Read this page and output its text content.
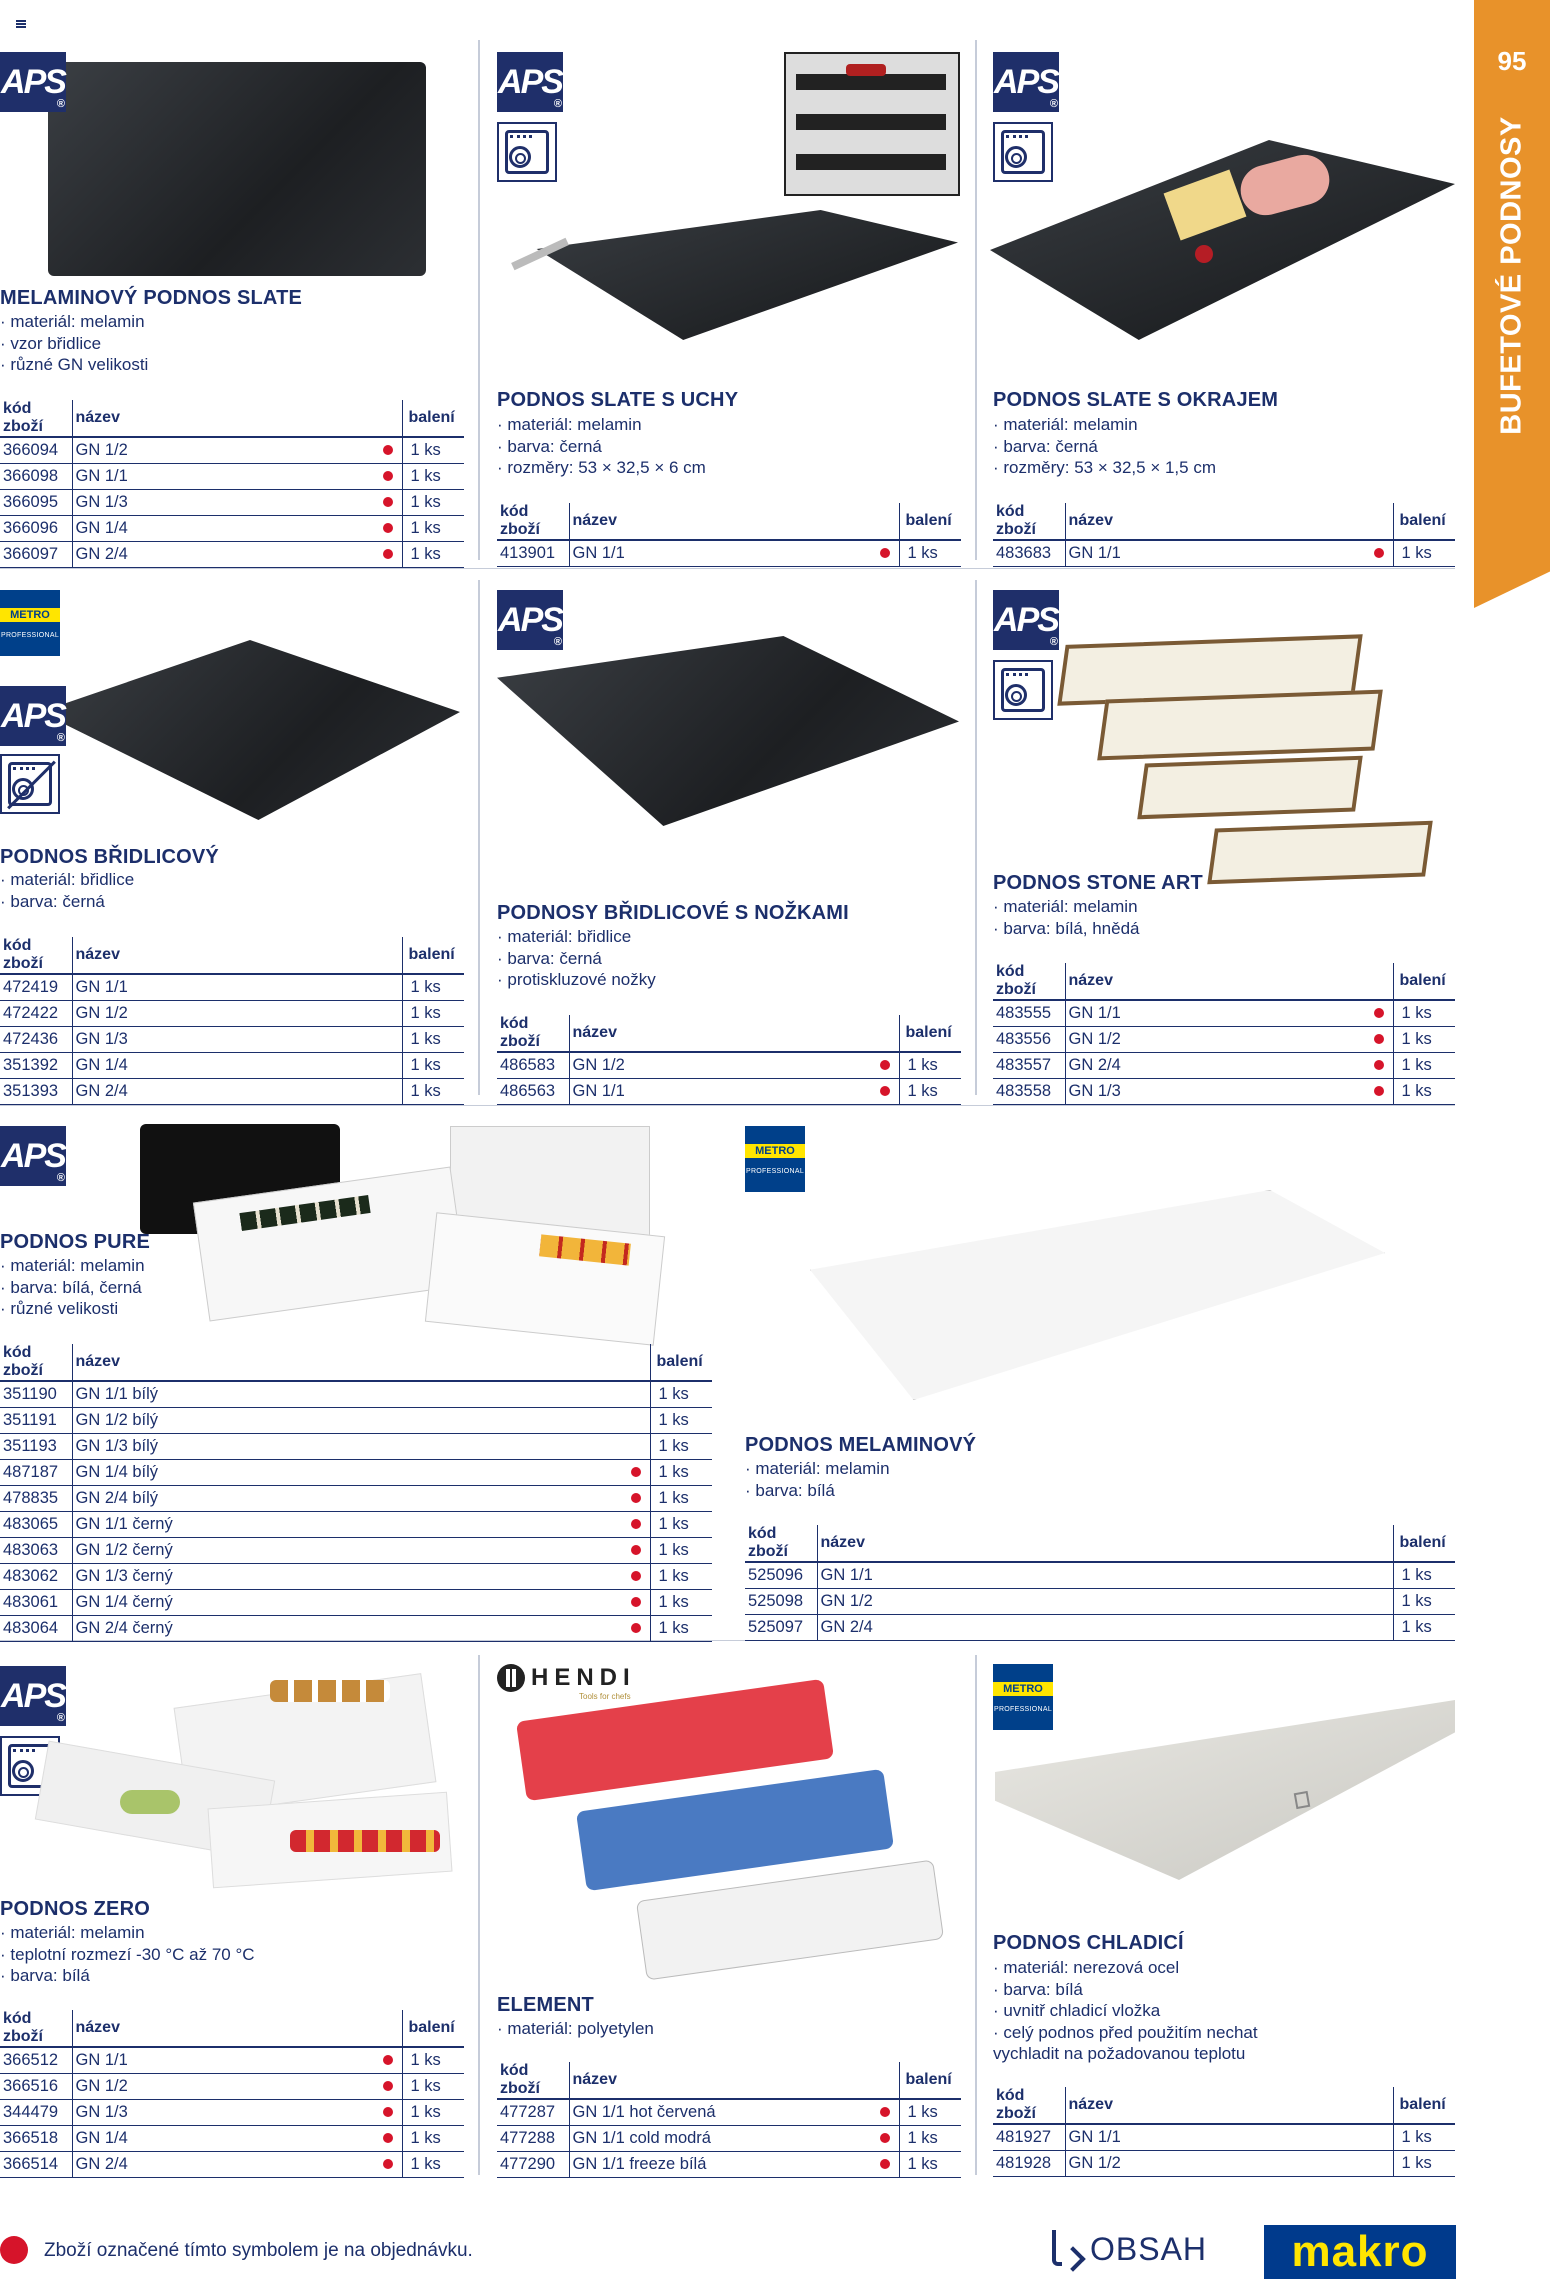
95
BUFETOVÉ PODNOSY
APS ®
MELAMINOVÝ PODNOS SLATE
· materiál: melamin
· vzor břidlice
· různé GN velikosti
kód zboží	název			balení
366094	GN 1/2			1 ks
366098	GN 1/1			1 ks
366095	GN 1/3			1 ks
366096	GN 1/4			1 ks
366097	GN 2/4			1 ks
APS ®
PODNOS SLATE S UCHY
· materiál: melamin
· barva: černá
· rozměry: 53 × 32,5 × 6 cm
kód zboží	název			balení
413901	GN 1/1			1 ks
APS ®
PODNOS SLATE S OKRAJEM
· materiál: melamin
· barva: černá
· rozměry: 53 × 32,5 × 1,5 cm
kód zboží	název			balení
483683	GN 1/1			1 ks
METRO
PROFESSIONAL
APS ®
PODNOS BŘIDLICOVÝ
· materiál: břidlice
· barva: černá
kód zboží	název			balení
472419	GN 1/1			1 ks
472422	GN 1/2			1 ks
472436	GN 1/3			1 ks
351392	GN 1/4			1 ks
351393	GN 2/4			1 ks
APS ®
PODNOSY BŘIDLICOVÉ S NOŽKAMI
· materiál: břidlice
· barva: černá
· protiskluzové nožky
kód zboží	název			balení
486583	GN 1/2			1 ks
486563	GN 1/1			1 ks
APS ®
PODNOS STONE ART
· materiál: melamin
· barva: bílá, hnědá
kód zboží	název			balení
483555	GN 1/1			1 ks
483556	GN 1/2			1 ks
483557	GN 2/4			1 ks
483558	GN 1/3			1 ks
APS ®
PODNOS PURE
· materiál: melamin
· barva: bílá, černá
· různé velikosti
kód zboží	název			balení
351190	GN 1/1 bílý			1 ks
351191	GN 1/2 bílý			1 ks
351193	GN 1/3 bílý			1 ks
487187	GN 1/4 bílý			1 ks
478835	GN 2/4 bílý			1 ks
483065	GN 1/1 černý			1 ks
483063	GN 1/2 černý			1 ks
483062	GN 1/3 černý			1 ks
483061	GN 1/4 černý			1 ks
483064	GN 2/4 černý			1 ks
METRO
PROFESSIONAL
PODNOS MELAMINOVÝ
· materiál: melamin
· barva: bílá
kód zboží	název			balení
525096	GN 1/1			1 ks
525098	GN 1/2			1 ks
525097	GN 2/4			1 ks
APS ®
PODNOS ZERO
· materiál: melamin
· teplotní rozmezí -30 °C až 70 °C
· barva: bílá
kód zboží	název			balení
366512	GN 1/1			1 ks
366516	GN 1/2			1 ks
344479	GN 1/3			1 ks
366518	GN 1/4			1 ks
366514	GN 2/4			1 ks
HENDI
Tools for chefs
ELEMENT
· materiál: polyetylen
kód zboží	název			balení
477287	GN 1/1 hot červená			1 ks
477288	GN 1/1 cold modrá			1 ks
477290	GN 1/1 freeze bílá			1 ks
METRO
PROFESSIONAL
PODNOS CHLADICÍ
· materiál: nerezová ocel
· barva: bílá
· uvnitř chladicí vložka
· celý podnos před použitím nechat vychladit na požadovanou teplotu
kód zboží	název			balení
481927	GN 1/1			1 ks
481928	GN 1/2			1 ks
Zboží označené tímto symbolem je na objednávku.	OBSAH	makro
